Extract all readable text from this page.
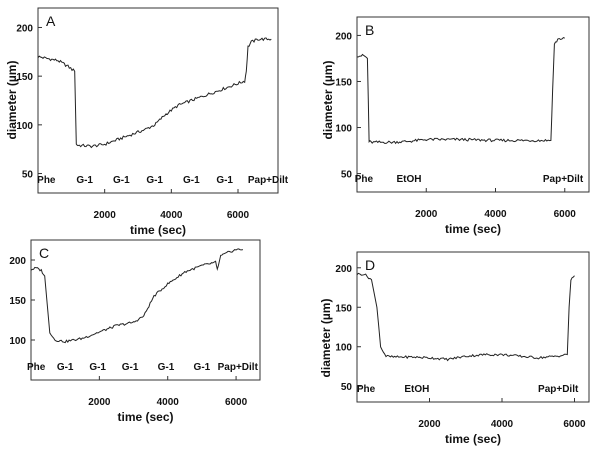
50
100
150
200
2000	4000	6000
Phe G-1 G-1 G-1 G-1 G-1 Pap+Dilt
A
time (sec)
diameter (µm)
50
100
150
200
2000	4000	6000
Phe EtOH	Pap+Dilt
B
time (sec)
diameter (µm)
100
150
200
2000	4000	6000
Phe G-1 G-1 G-1 G-1 G-1 Pap+Dilt
C
time (sec)
50
100
150
200
2000	4000	6000
Phe	EtOH	Pap+Dilt
D
time (sec)
diameter (µm)
